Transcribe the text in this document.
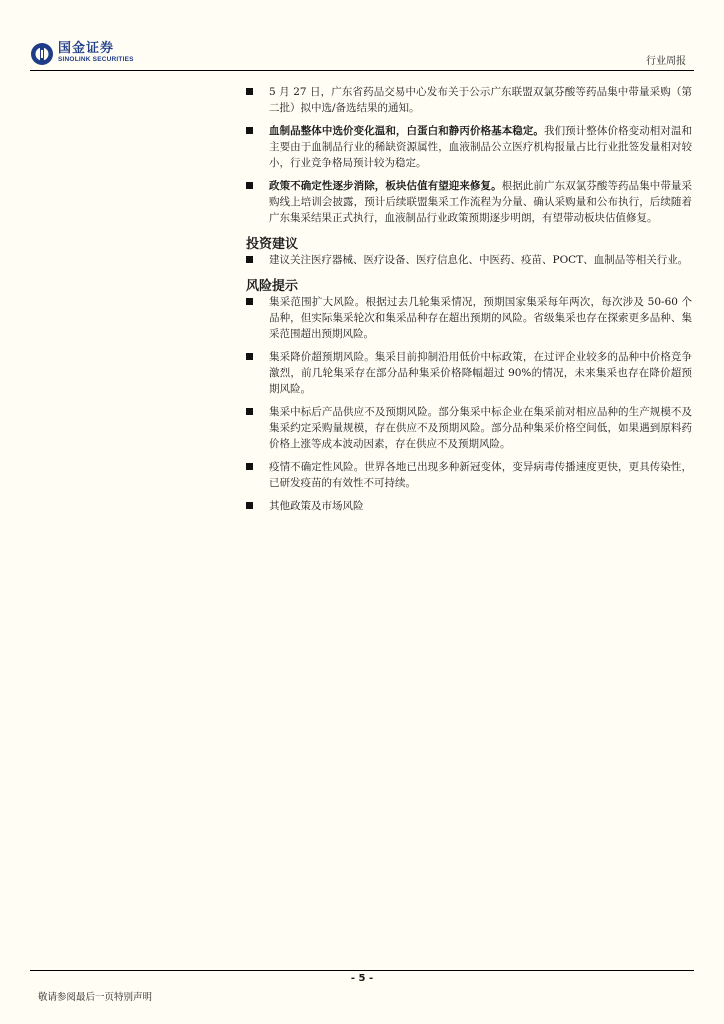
国金证券
SINOLINK SECURITIES	行业周报
5 月 27 日，广东省药品交易中心发布关于公示广东联盟双氯芬酸等药品集中带量采购（第二批）拟中选/备选结果的通知。
血制品整体中选价变化温和，白蛋白和静丙价格基本稳定。我们预计整体价格变动相对温和主要由于血制品行业的稀缺资源属性，血液制品公立医疗机构报量占比行业批签发量相对较小，行业竞争格局预计较为稳定。
政策不确定性逐步消除，板块估值有望迎来修复。根据此前广东双氯芬酸等药品集中带量采购线上培训会披露，预计后续联盟集采工作流程为分量、确认采购量和公布执行，后续随着广东集采结果正式执行，血液制品行业政策预期逐步明朗，有望带动板块估值修复。
投资建议
建议关注医疗器械、医疗设备、医疗信息化、中医药、疫苗、POCT、血制品等相关行业。
风险提示
集采范围扩大风险。根据过去几轮集采情况，预期国家集采每年两次，每次涉及 50-60 个品种，但实际集采轮次和集采品种存在超出预期的风险。省级集采也存在探索更多品种、集采范围超出预期风险。
集采降价超预期风险。集采目前抑制沿用低价中标政策，在过评企业较多的品种中价格竞争激烈，前几轮集采存在部分品种集采价格降幅超过 90%的情况，未来集采也存在降价超预期风险。
集采中标后产品供应不及预期风险。部分集采中标企业在集采前对相应品种的生产规模不及集采约定采购量规模，存在供应不及预期风险。部分品种集采价格空间低，如果遇到原料药价格上涨等成本波动因素，存在供应不及预期风险。
疫情不确定性风险。世界各地已出现多种新冠变体，变异病毒传播速度更快，更具传染性，已研发疫苗的有效性不可持续。
其他政策及市场风险
- 5 -
敬请参阅最后一页特别声明
